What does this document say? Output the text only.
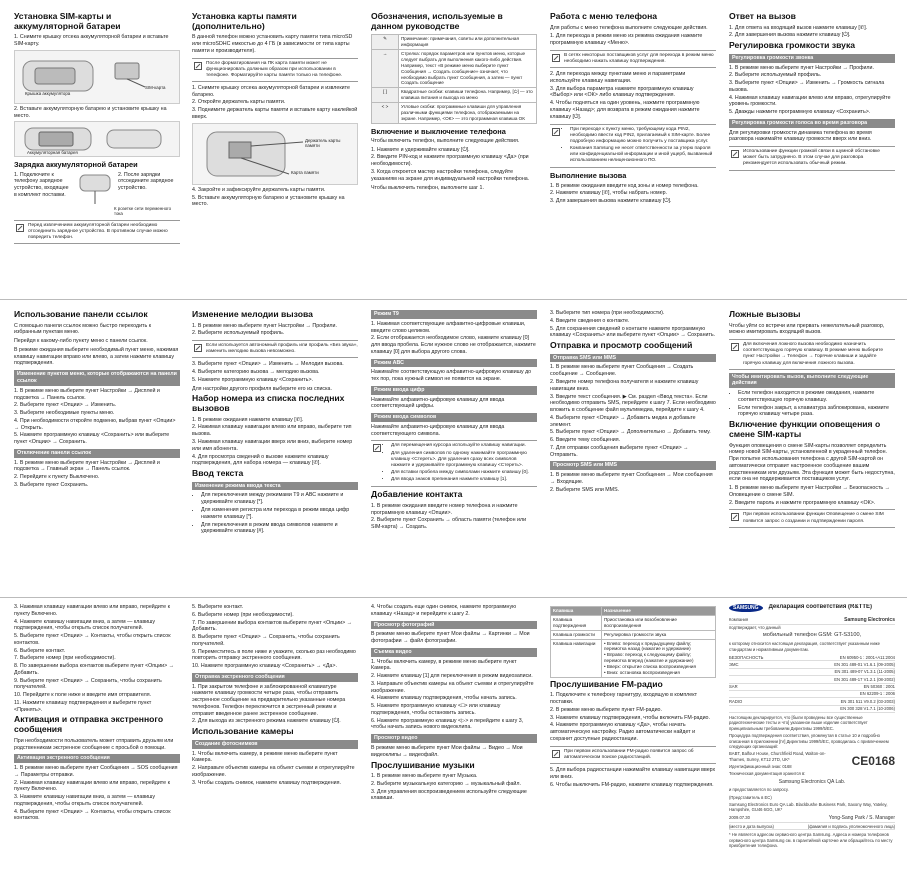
Установка SIM-карты и аккумуляторной батареи

1. Снимите крышку отсека аккумуляторной батареи и вставьте SIM-карту.

Крышка аккумулятора
SIM-карта

2. Вставьте аккумуляторную батарею и установите крышку на место.

Аккумуляторная батарея
Зарядка аккумуляторной батареи

1. Подключите к телефону зарядное устройство, входящее в комплект поставки.

2. После зарядки отсоедините зарядное устройство.

К розетке сети переменного тока
Перед извлечением аккумуляторной батареи необходимо отсоединить зарядное устройство. В противном случае можно повредить телефон.
Установка карты памяти (дополнительно)

В данной телефон можно установить карту памяти типа microSD или microSDHC емкостью до 4 ГБ (в зависимости от типа карты памяти и производителя).

После форматирования на ПК карта памяти может не функционировать должным образом при использовании в телефоне. Форматируйте карты памяти только на телефоне.
1. Снимите крышку отсека аккумуляторной батареи и извлеките батарею.
2. Откройте держатель карты памяти.
3. Поднимите держатель карты памяти и вставьте карту наклейкой вверх.
Держатель карты памяти
Карта памяти
4. Закройте и зафиксируйте держатель карты памяти.
5. Вставьте аккумуляторную батарею и установите крышку на место.
Обозначения, используемые в данном руководстве
✎	Примечание: примечания, советы или дополнительная информация
→	Стрелка: порядок параметров или пунктов меню, которые следует выбрать для выполнения какого-либо действия. Например, текст «В режиме меню выберите пункт Сообщения → Создать сообщение» означает, что необходимо выбрать пункт Сообщения, а затем — пункт Создать сообщение
[ ]	Квадратные скобки: клавиши телефона. Например, [⏻] — это клавиша питания и выхода из меню
< >	Угловые скобки: программные клавиши для управления различными функциями телефона, отображаемыми на экране. Например, <ОК> — это программная клавиша ОК
Включение и выключение телефона

Чтобы включить телефон, выполните следующие действия.

1. Нажмите и удерживайте клавишу [⏻].
2. Введите PIN-код и нажмите программную клавишу <Да> (при необходимости).
3. Когда откроется мастер настройки телефона, следуйте указаниям на экране для индивидуальной настройки телефона.

Чтобы выключить телефон, выполните шаг 1.

Работа с меню телефона

Для работы с меню телефона выполните следующие действия.

1. Для перехода в режим меню из режима ожидания нажмите программную клавишу <Меню>.

В сетях некоторых поставщиков услуг для перехода в режим меню необходимо нажать клавишу подтверждения.
2. Для перехода между пунктами меню и параметрами используйте клавишу навигации.
3. Для выбора параметра нажмите программную клавишу <Выбор> или <ОК> либо клавишу подтверждения.
4. Чтобы подняться на один уровень, нажмите программную клавишу <Назад>; для возврата в режим ожидания нажмите клавишу [⏻].
• При переходе к пункту меню, требующему кода PIN2, необходимо ввести код PIN2, прилагаемый к SIM-карте. Более подробную информацию можно получить у поставщика услуг.
• Компания Samsung не несет ответственности за утерю пароля или конфиденциальной информации и иной ущерб, вызванный использованием нелицензионного ПО.
Выполнение вызова
1. В режиме ожидания введите код зоны и номер телефона.
2. Нажмите клавишу [✆], чтобы набрать номер.
3. Для завершения вызова нажмите клавишу [⏻].
Ответ на вызов
1. Для ответа на входящий вызов нажмите клавишу [✆].
2. Для завершения вызова нажмите клавишу [⏻].
Регулировка громкости звука
Регулировка громкости звонка
1. В режиме меню выберите пункт Настройки → Профили.
2. Выберите используемый профиль.
3. Выберите пункт <Опции> → Изменить → Громкость сигнала вызова.
4. Нажимая клавишу навигации влево или вправо, отрегулируйте уровень громкости.
5. Дважды нажмите программную клавишу <Сохранить>.
Регулировка громкости голоса во время разговора

Для регулировки громкости динамика телефона во время разговора нажимайте клавишу громкости вверх или вниз.

Использование функции громкой связи в шумной обстановке может быть затруднено. В этом случае для разговора рекомендуется использовать обычный режим.
Использование панели ссылок

С помощью панели ссылок можно быстро переходить к избранным пунктам меню.

Перейдя к какому-либо пункту меню с панели ссылок.

В режиме ожидания выберите необходимый пункт меню, нажимая клавишу навигации вправо или влево, а затем нажмите клавишу подтверждения.

Изменение пунктов меню, которые отображаются на панели ссылок
1. В режиме меню выберите пункт Настройки → Дисплей и подсветка → Панель ссылок.
2. Выберите пункт <Опции> → Изменить.
3. Выберите необходимые пункты меню.
4. При необходимости откройте подменю, выбрав пункт <Опции> → Открыть.
5. Нажмите программную клавишу <Сохранить> или выберите пункт <Опции> → Сохранить.
Отключение панели ссылок
1. В режиме меню выберите пункт Настройки → Дисплей и подсветка → Главный экран → Панель ссылок.
2. Перейдите к пункту Выключено.
3. Выберите пункт Сохранить.
Изменение мелодии вызова
1. В режиме меню выберите пункт Настройки → Профили.
2. Выберите используемый профиль.
Если используется автономный профиль или профиль «Без звука», изменить мелодию вызова невозможно.
3. Выберите пункт <Опции> → Изменить → Мелодия вызова.
4. Выберите категорию вызова → мелодию вызова.
5. Нажмите программную клавишу <Сохранить>.

Для настройки другого профиля выберите его из списка.

Набор номера из списка последних вызовов
1. В режиме ожидания нажмите клавишу [✆].
2. Нажимая клавишу навигации влево или вправо, выберите тип вызова.
3. Нажимая клавишу навигации вверх или вниз, выберите номер или имя абонента.
4. Для просмотра сведений о вызове нажмите клавишу подтверждения, для набора номера — клавишу [✆].
Ввод текста
Изменение режима ввода текста
• Для переключения между режимами T9 и АВС нажмите и удерживайте клавишу [*].
• Для изменения регистра или перехода в режим ввода цифр нажмите клавишу [*].
• Для переключения в режим ввода символов нажмите и удерживайте клавишу [#].
Режим T9
1. Нажимая соответствующие алфавитно-цифровые клавиши, введите слово целиком.
2. Если отображается необходимое слово, нажмите клавишу [0] для ввода пробела. Если нужное слово не отображается, нажмите клавишу [0] для выбора другого слова.
Режим АВС

Нажимайте соответствующую алфавитно-цифровую клавишу до тех пор, пока нужный символ не появится на экране.

Режим ввода цифр

Нажимайте алфавитно-цифровую клавишу для ввода соответствующей цифры.

Режим ввода символов

Нажимайте алфавитно-цифровую клавишу для ввода соответствующего символа.

• Для перемещения курсора используйте клавишу навигации.
• Для удаления символов по одному нажимайте программную клавишу <Стереть>. Для удаления сразу всех символов нажмите и удерживайте программную клавишу <Стереть>.
• Для вставки пробела между символами нажмите клавишу [0].
• Для ввода знаков препинания нажмите клавишу [1].
Добавление контакта
1. В режиме ожидания введите номер телефона и нажмите программную клавишу <Опции>.
2. Выберите пункт Сохранить → область памяти (телефон или SIM-карта) → Создать.
3. Выберите тип номера (при необходимости).
4. Введите сведения о контакте.
5. Для сохранения сведений о контакте нажмите программную клавишу <Сохранить> или выберите пункт <Опции> → Сохранить.
Отправка и просмотр сообщений
Отправка SMS или MMS
1. В режиме меню выберите пункт Сообщения → Создать сообщение → Сообщение.
2. Введите номер телефона получателя и нажмите клавишу навигации вниз.
3. Введите текст сообщения. ▶ См. раздел «Ввод текста». Если необходимо отправить SMS, перейдите к шагу 7. Если необходимо вложить в сообщение файл мультимедиа, перейдите к шагу 4.
4. Выберите пункт <Опции> → Добавить медиа и добавьте элемент.
5. Выберите пункт <Опции> → Дополнительно → Добавить тему.
6. Введите тему сообщения.
7. Для отправки сообщения выберите пункт <Опции> → Отправить.
Просмотр SMS или MMS
1. В режиме меню выберите пункт Сообщения → Мои сообщения → Входящие.
2. Выберите SMS или MMS.
Ложные вызовы

Чтобы уйти со встречи или прервать нежелательный разговор, можно имитировать входящий вызов.

Для включения ложного вызова необходимо назначить соответствующую горячую клавишу. В режиме меню выберите пункт Настройки → Телефон → Горячие клавиши и задайте горячую клавишу для включения ложного вызова.
Чтобы имитировать вызов, выполните следующие действия
• Если телефон находится в режиме ожидания, нажмите соответствующую горячую клавишу.
• Если телефон закрыт, а клавиатура заблокирована, нажмите горячую клавишу четыре раза.
Включение функции оповещения о смене SIM-карты

Функция оповещения о смене SIM-карты позволяет определить номер новой SIM-карты, установленной в украденный телефон. При попытке использования телефона с другой SIM-картой он автоматически отправит настроенное сообщение вашим родственникам или друзьям. Эта функция может быть недоступна, если она не поддерживается поставщиком услуг.

1. В режиме меню выберите пункт Настройки → Безопасность → Оповещение о смене SIM.
2. Введите пароль и нажмите программную клавишу <ОК>.
При первом использовании функции Оповещение о смене SIM появится запрос о создании и подтверждении пароля.
3. Нажимая клавишу навигации влево или вправо, перейдите к пункту Включено.
4. Нажмите клавишу навигации вниз, а затем — клавишу подтверждения, чтобы открыть список получателей.
5. Выберите пункт <Опции> → Контакты, чтобы открыть список контактов.
6. Выберите контакт.
7. Выберите номер (при необходимости).
8. По завершении выбора контактов выберите пункт <Опции> → Добавить.
9. Выберите пункт <Опции> → Сохранить, чтобы сохранить получателей.
10. Перейдите к поле ниже и введите имя отправителя.
11. Нажмите клавишу подтверждения и выберите пункт <Принять>.
Активация и отправка экстренного сообщения

При необходимости пользователь может отправить друзьям или родственникам экстренное сообщение с просьбой о помощи.

Активация экстренного сообщения
1. В режиме меню выберите пункт Сообщения → SOS сообщения → Параметры отправки.
2. Нажимая клавишу навигации влево или вправо, перейдите к пункту Включено.
3. Нажмите клавишу навигации вниз, а затем — клавишу подтверждения, чтобы открыть список получателей.
4. Выберите пункт <Опции> → Контакты, чтобы открыть список контактов.
5. Выберите контакт.
6. Выберите номер (при необходимости).
7. По завершении выбора контактов выберите пункт <Опции> → Добавить.
8. Выберите пункт <Опции> → Сохранить, чтобы сохранить получателей.
9. Переместитесь в поле ниже и укажите, сколько раз необходимо повторить отправку экстренного сообщения.
10. Нажмите программную клавишу <Сохранить> → <Да>.
Отправка экстренного сообщения
1. При закрытом телефоне и заблокированной клавиатуре нажмите клавишу громкости четыре раза, чтобы отправить экстренное сообщение на предварительно указанные номера телефонов. Телефон переключится в экстренный режим и отправит введенное ранее экстренное сообщение.
2. Для выхода из экстренного режима нажмите клавишу [⏻].
Использование камеры
Создание фотоснимков
1. Чтобы включить камеру, в режиме меню выберите пункт Камера.
2. Направьте объектив камеры на объект съемки и отрегулируйте изображение.
3. Чтобы создать снимок, нажмите клавишу подтверждения.

4. Чтобы создать еще один снимок, нажмите программную клавишу <Назад> и перейдите к шагу 2.

Просмотр фотографий

В режиме меню выберите пункт Мои файлы → Картинки → Мои фотографии → файл фотографии.

Съемка видео
1. Чтобы включить камеру, в режиме меню выберите пункт Камера.
2. Нажмите клавишу [1] для переключения в режим видеозаписи.
3. Направьте объектив камеры на объект съемки и отрегулируйте изображение.
4. Нажмите клавишу подтверждения, чтобы начать запись.
5. Нажмите программную клавишу <□> или клавишу подтверждения, чтобы остановить запись.
6. Нажмите программную клавишу <▷> и перейдите к шагу 3, чтобы начать запись нового видеоклипа.
Просмотр видео

В режиме меню выберите пункт Мои файлы → Видео → Мои видеоклипы → видеофайл.

Прослушивание музыки
1. В режиме меню выберите пункт Музыка.
2. Выберите музыкальную категорию → музыкальный файл.
3. Для управления воспроизведением используйте следующие клавиши.
Клавиша	Назначение
Клавиша подтверждения	Приостановка или возобновление воспроизведения
Клавиша громкости	Регулировка громкости звука
Клавиша навигации	• Влево: переход к предыдущему файлу; перемотка назад (нажатие и удержание)
• Вправо: переход к следующему файлу; перемотка вперед (нажатие и удержание)
• Вверх: открытие списка воспроизведения
• Вниз: остановка воспроизведения
Прослушивание FM-радио
1. Подключите к телефону гарнитуру, входящую в комплект поставки.
2. В режиме меню выберите пункт FM-радио.
3. Нажмите клавишу подтверждения, чтобы включить FM-радио.
4. Нажмите программную клавишу <Да>, чтобы начать автоматическую настройку. Радио автоматически найдет и сохранит доступные радиостанции.
При первом использовании FM-радио появится запрос об автоматическом поиске радиостанций.
5. Для выбора радиостанции нажимайте клавишу навигации вверх или вниз.
6. Чтобы выключить FM-радио, нажмите клавишу подтверждения.
SAMSUNG	Декларация соответствия (R&TTE)
Компания	Samsung Electronics

подтверждает, что данный

мобильный телефон GSM: GT-S3100,

к которому относится настоящая декларация, соответствует указанным ниже стандартам и нормативным документам.

БЕЗОПАСНОСТЬ	EN 60950-1 : 2001+A11:2004
ЭМС	EN 301 489-01 V1.6.1 (09-2005)
EN 301 489-07 V1.3.1 (11-2005)
EN 301 489-17 V1.2.1 (08-2002)
SAR	EN 50360 : 2001
EN 62209-1 : 2006
RADIO	EN 301 511 V9.0.2 (03-2003)
EN 300 328 V1.7.1 (10-2006)

Настоящим декларируется, что [были проведены все существенные радиотехнические тесты и что] указанное выше изделие соответствует принципиальным требованиям Директивы 1999/5/EC.

Процедура подтверждения соответствия, упомянутая в статье 10 и подробно описанная в приложении [IV] Директивы 1999/5/EC, проводилась с привлечением следующих организаций:

BABT, Balfour House, Churchfield Road, Walton-on-Thames, Surrey, KT12 2TD, UK*

Идентификационный знак: 0168	CE0168

Техническая документация хранится в:

Samsung Electronics QA Lab.

и предоставляется по запросу.

(Представитель в ЕС)

Samsung Electronics Euro QA Lab. Blackbushe Business Park, Saxony Way, Yateley, Hampshire, GU46 6GG, UK*

2009.07.30	Yong-Sang Park / S. Manager
(место и дата выпуска)	(фамилия и подпись уполномоченного лица)

* Не является адресом сервисного центра Samsung. Адреса и номера телефонов сервисного центра Samsung см. в гарантийной карточке или обращайтесь по месту приобретения телефона.
